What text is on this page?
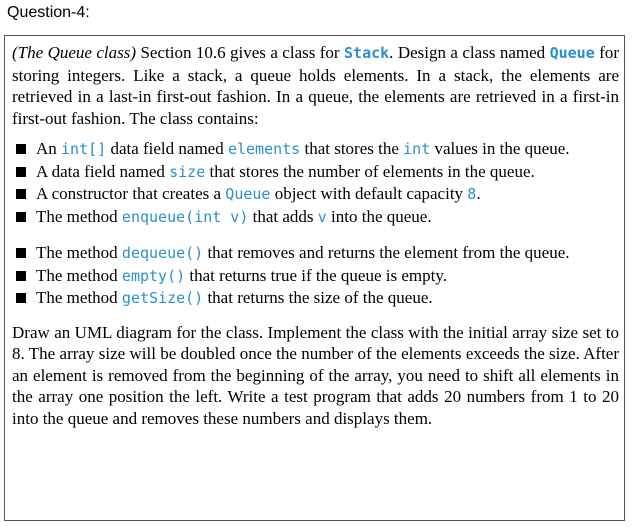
Question-4:

(The Queue class) Section 10.6 gives a class for Stack. Design a class named Queue for storing integers. Like a stack, a queue holds elements. In a stack, the elements are retrieved in a last-in first-out fashion. In a queue, the elements are retrieved in a first-in first-out fashion. The class contains:

An int[] data field named elements that stores the int values in the queue.
A data field named size that stores the number of elements in the queue.
A constructor that creates a Queue object with default capacity 8.
The method enqueue(int v) that adds v into the queue.
The method dequeue() that removes and returns the element from the queue.
The method empty() that returns true if the queue is empty.
The method getSize() that returns the size of the queue.

Draw an UML diagram for the class. Implement the class with the initial array size set to 8. The array size will be doubled once the number of the elements exceeds the size. After an element is removed from the beginning of the array, you need to shift all elements in the array one position the left. Write a test program that adds 20 numbers from 1 to 20 into the queue and removes these numbers and displays them.
